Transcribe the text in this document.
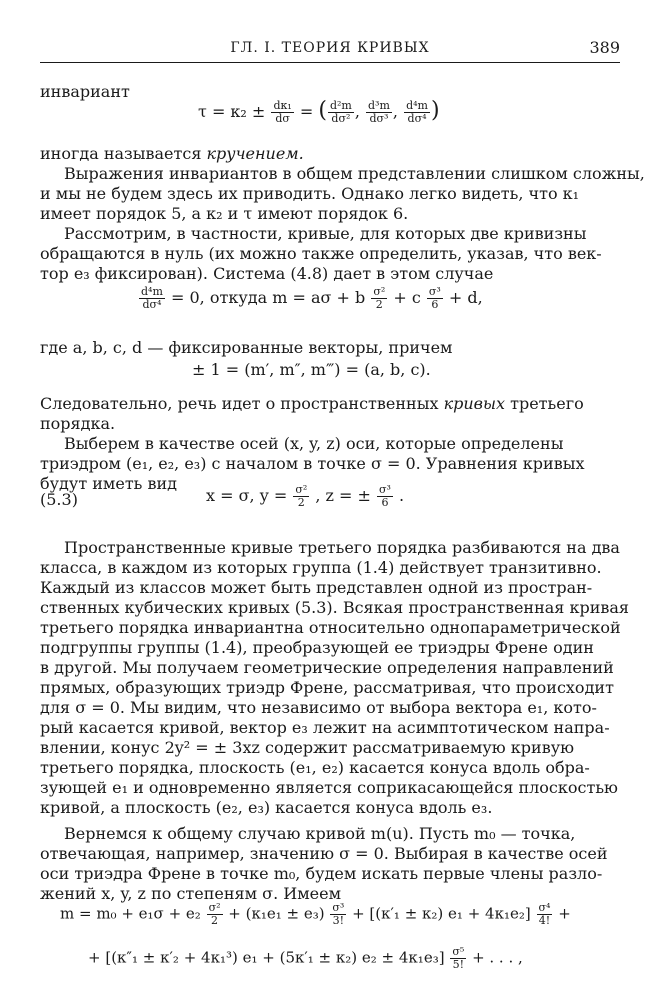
ГЛ. I. ТЕОРИЯ КРИВЫХ	389
инвариант
$\tau = \kappa_2 \pm \frac{\text{dκ₁}}{d\sigma}$ = ( $\frac{\text{d²m}}{\text{dσ²}}$ , $\frac{\text{d³m}}{\text{dσ³}}$ , $\frac{\text{d⁴m}}{\text{dσ⁴}}$ )
иногда называется кручением.
Выражения инвариантов в общем представлении слишком сложны,
и мы не будем здесь их приводить. Однако легко видеть, что κ₁
имеет порядок 5, а κ₂ и τ имеют порядок 6.
Рассмотрим, в частности, кривые, для которых две кривизны
обращаются в нуль (их можно также определить, указав, что век-
тор e₃ фиксирован). Система (4.8) дает в этом случае
$\frac{\text{d⁴m}}{\text{dσ⁴}} = 0$, откуда m = aσ + b $\frac{\text{σ²}}{2} + c \frac{\text{σ³}}{6} + d$,
где a, b, c, d — фиксированные векторы, причем
± 1 = (m′, m″, m‴) = (a, b, c).
Следовательно, речь идет о пространственных кривых третьего
порядка.
Выберем в качестве осей (x, y, z) оси, которые определены
триэдром (e₁, e₂, e₃) с началом в точке σ = 0. Уравнения кривых
будут иметь вид
(5.3)	x = σ, $y = \frac{\text{σ²}}{2}$ , z = ± $\frac{\text{σ³}}{6}$ .
Пространственные кривые третьего порядка разбиваются на два
класса, в каждом из которых группа (1.4) действует транзитивно.
Каждый из классов может быть представлен одной из простран-
ственных кубических кривых (5.3). Всякая пространственная кривая
третьего порядка инвариантна относительно однопараметрической
подгруппы группы (1.4), преобразующей ее триэдры Френе один
в другой. Мы получаем геометрические определения направлений
прямых, образующих триэдр Френе, рассматривая, что происходит
для σ = 0. Мы видим, что независимо от выбора вектора e₁, кото-
рый касается кривой, вектор e₃ лежит на асимптотическом напра-
влении, конус 2y² = ± 3xz содержит рассматриваемую кривую
третьего порядка, плоскость (e₁, e₂) касается конуса вдоль обра-
зующей e₁ и одновременно является соприкасающейся плоскостью
кривой, а плоскость (e₂, e₃) касается конуса вдоль e₃.
Вернемся к общему случаю кривой m(u). Пусть m₀ — точка,
отвечающая, например, значению σ = 0. Выбирая в качестве осей
оси триэдра Френе в точке m₀, будем искать первые члены разло-
жений x, y, z по степеням σ. Имеем
$m = m_0 + e_1\sigma + e_2 \frac{\text{σ²}}{2} + (\kappa_1e_1 \pm e_3) \frac{\text{σ³}}{3!} + [(\kappa'_1 \pm \kappa_2) e_1 + 4\kappa_1e_2] \frac{\text{σ⁴}}{4!}$ +
+ [(κ″₁ ± κ′₂ + 4κ₁³) e₁ + (5κ′₁ ± κ₂) $e_2 \pm 4\kappa_1e_3] \frac{\text{σ⁵}}{5!}$ + . . . ,
